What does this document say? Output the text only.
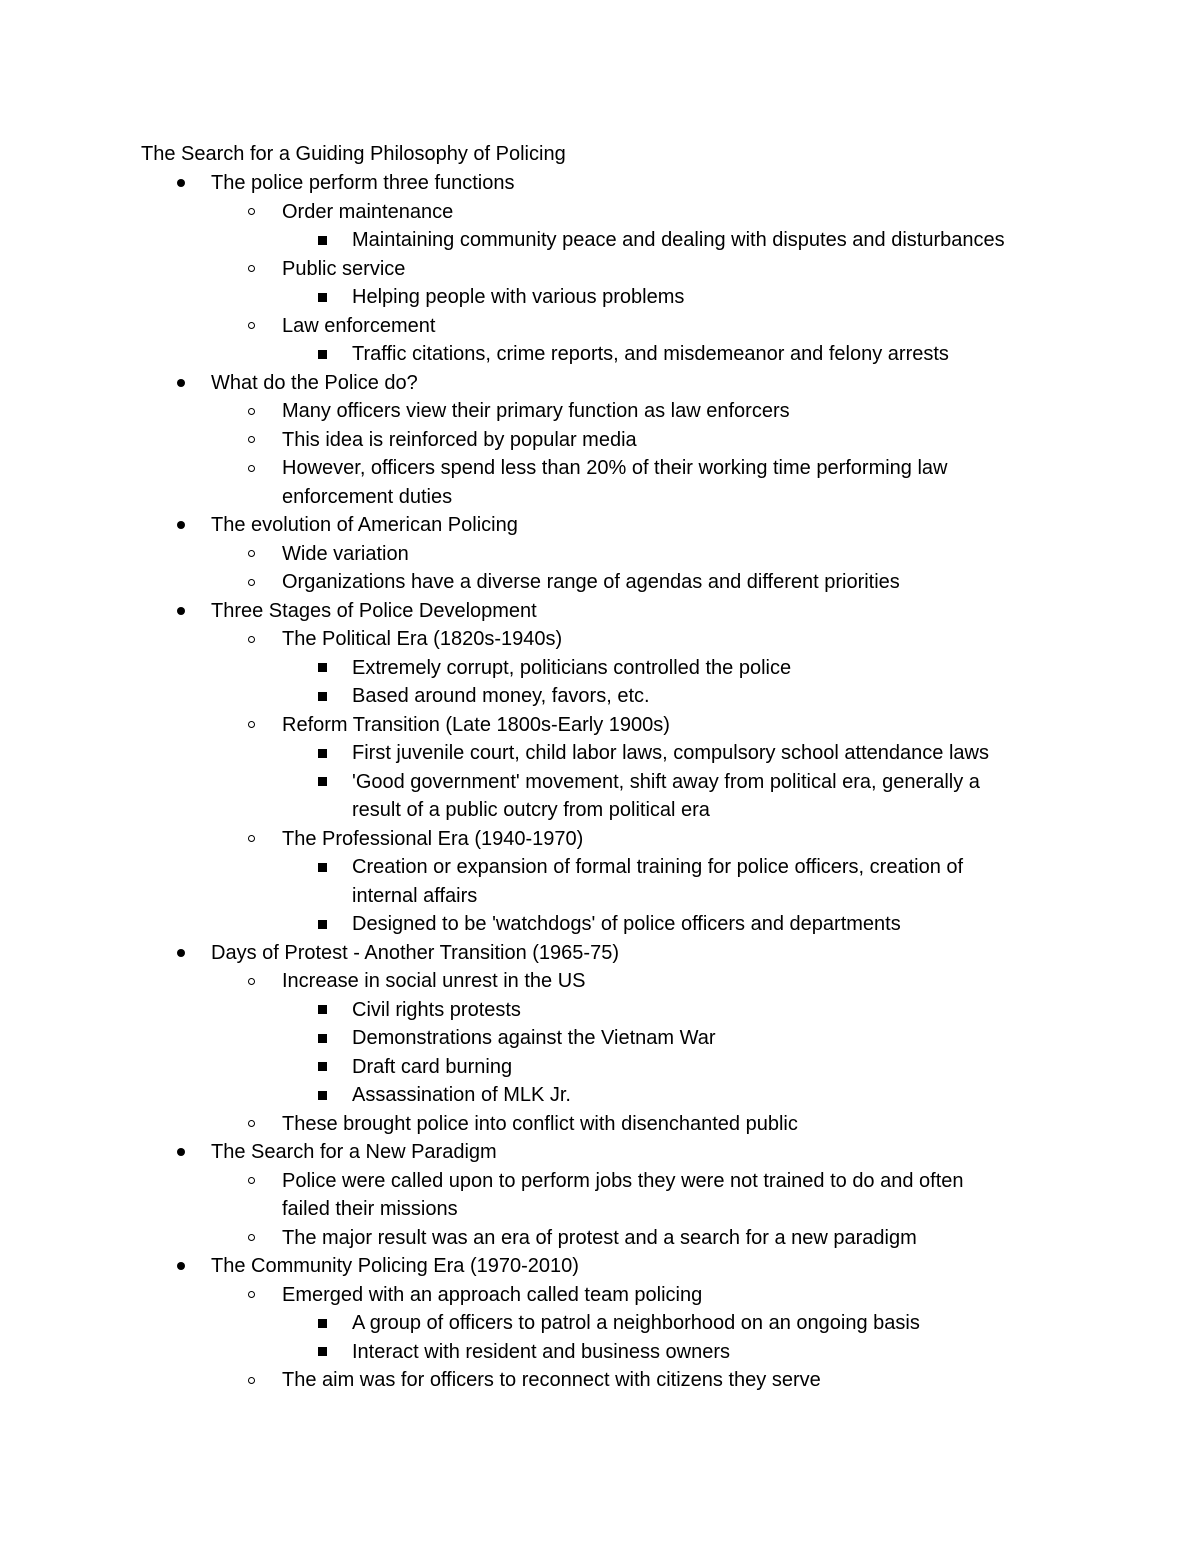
The Search for a Guiding Philosophy of Policing
The police perform three functions
Order maintenance
Maintaining community peace and dealing with disputes and disturbances
Public service
Helping people with various problems
Law enforcement
Traffic citations, crime reports, and misdemeanor and felony arrests
What do the Police do?
Many officers view their primary function as law enforcers
This idea is reinforced by popular media
However, officers spend less than 20% of their working time performing law
enforcement duties
The evolution of American Policing
Wide variation
Organizations have a diverse range of agendas and different priorities
Three Stages of Police Development
The Political Era (1820s-1940s)
Extremely corrupt, politicians controlled the police
Based around money, favors, etc.
Reform Transition (Late 1800s-Early 1900s)
First juvenile court, child labor laws, compulsory school attendance laws
'Good government' movement, shift away from political era, generally a
result of a public outcry from political era
The Professional Era (1940-1970)
Creation or expansion of formal training for police officers, creation of
internal affairs
Designed to be 'watchdogs' of police officers and departments
Days of Protest - Another Transition (1965-75)
Increase in social unrest in the US
Civil rights protests
Demonstrations against the Vietnam War
Draft card burning
Assassination of MLK Jr.
These brought police into conflict with disenchanted public
The Search for a New Paradigm
Police were called upon to perform jobs they were not trained to do and often
failed their missions
The major result was an era of protest and a search for a new paradigm
The Community Policing Era (1970-2010)
Emerged with an approach called team policing
A group of officers to patrol a neighborhood on an ongoing basis
Interact with resident and business owners
The aim was for officers to reconnect with citizens they serve
